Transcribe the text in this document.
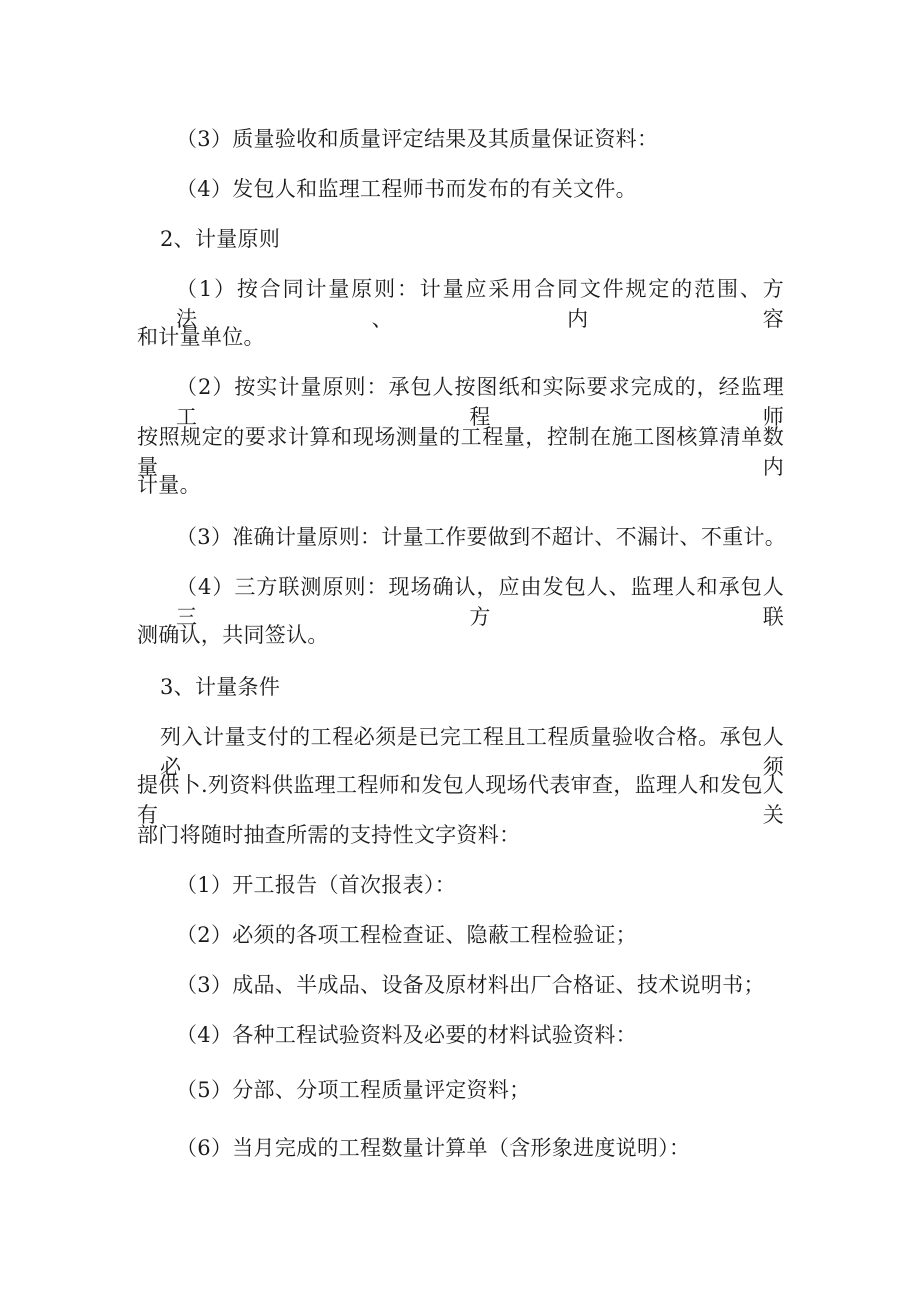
（3）质量验收和质量评定结果及其质量保证资料：
（4）发包人和监理工程师书而发布的有关文件。
2、计量原则
（1）按合同计量原则：计量应采用合同文件规定的范围、方法、内容
和计量单位。
（2）按实计量原则：承包人按图纸和实际要求完成的，经监理工程师
按照规定的要求计算和现场测量的工程量，控制在施工图核算清单数量内
计量。
（3）准确计量原则：计量工作要做到不超计、不漏计、不重计。
（4）三方联测原则：现场确认，应由发包人、监理人和承包人三方联
测确认，共同签认。
3、计量条件
列入计量支付的工程必须是已完工程且工程质量验收合格。承包人必须
提供卜.列资料供监理工程师和发包人现场代表审查，监理人和发包人有关
部门将随时抽查所需的支持性文字资料：
（1）开工报告（首次报表）：
（2）必须的各项工程检查证、隐蔽工程检验证；
（3）成品、半成品、设备及原材料出厂合格证、技术说明书；
（4）各种工程试验资料及必要的材料试验资料：
（5）分部、分项工程质量评定资料；
（6）当月完成的工程数量计算单（含形象进度说明）：
